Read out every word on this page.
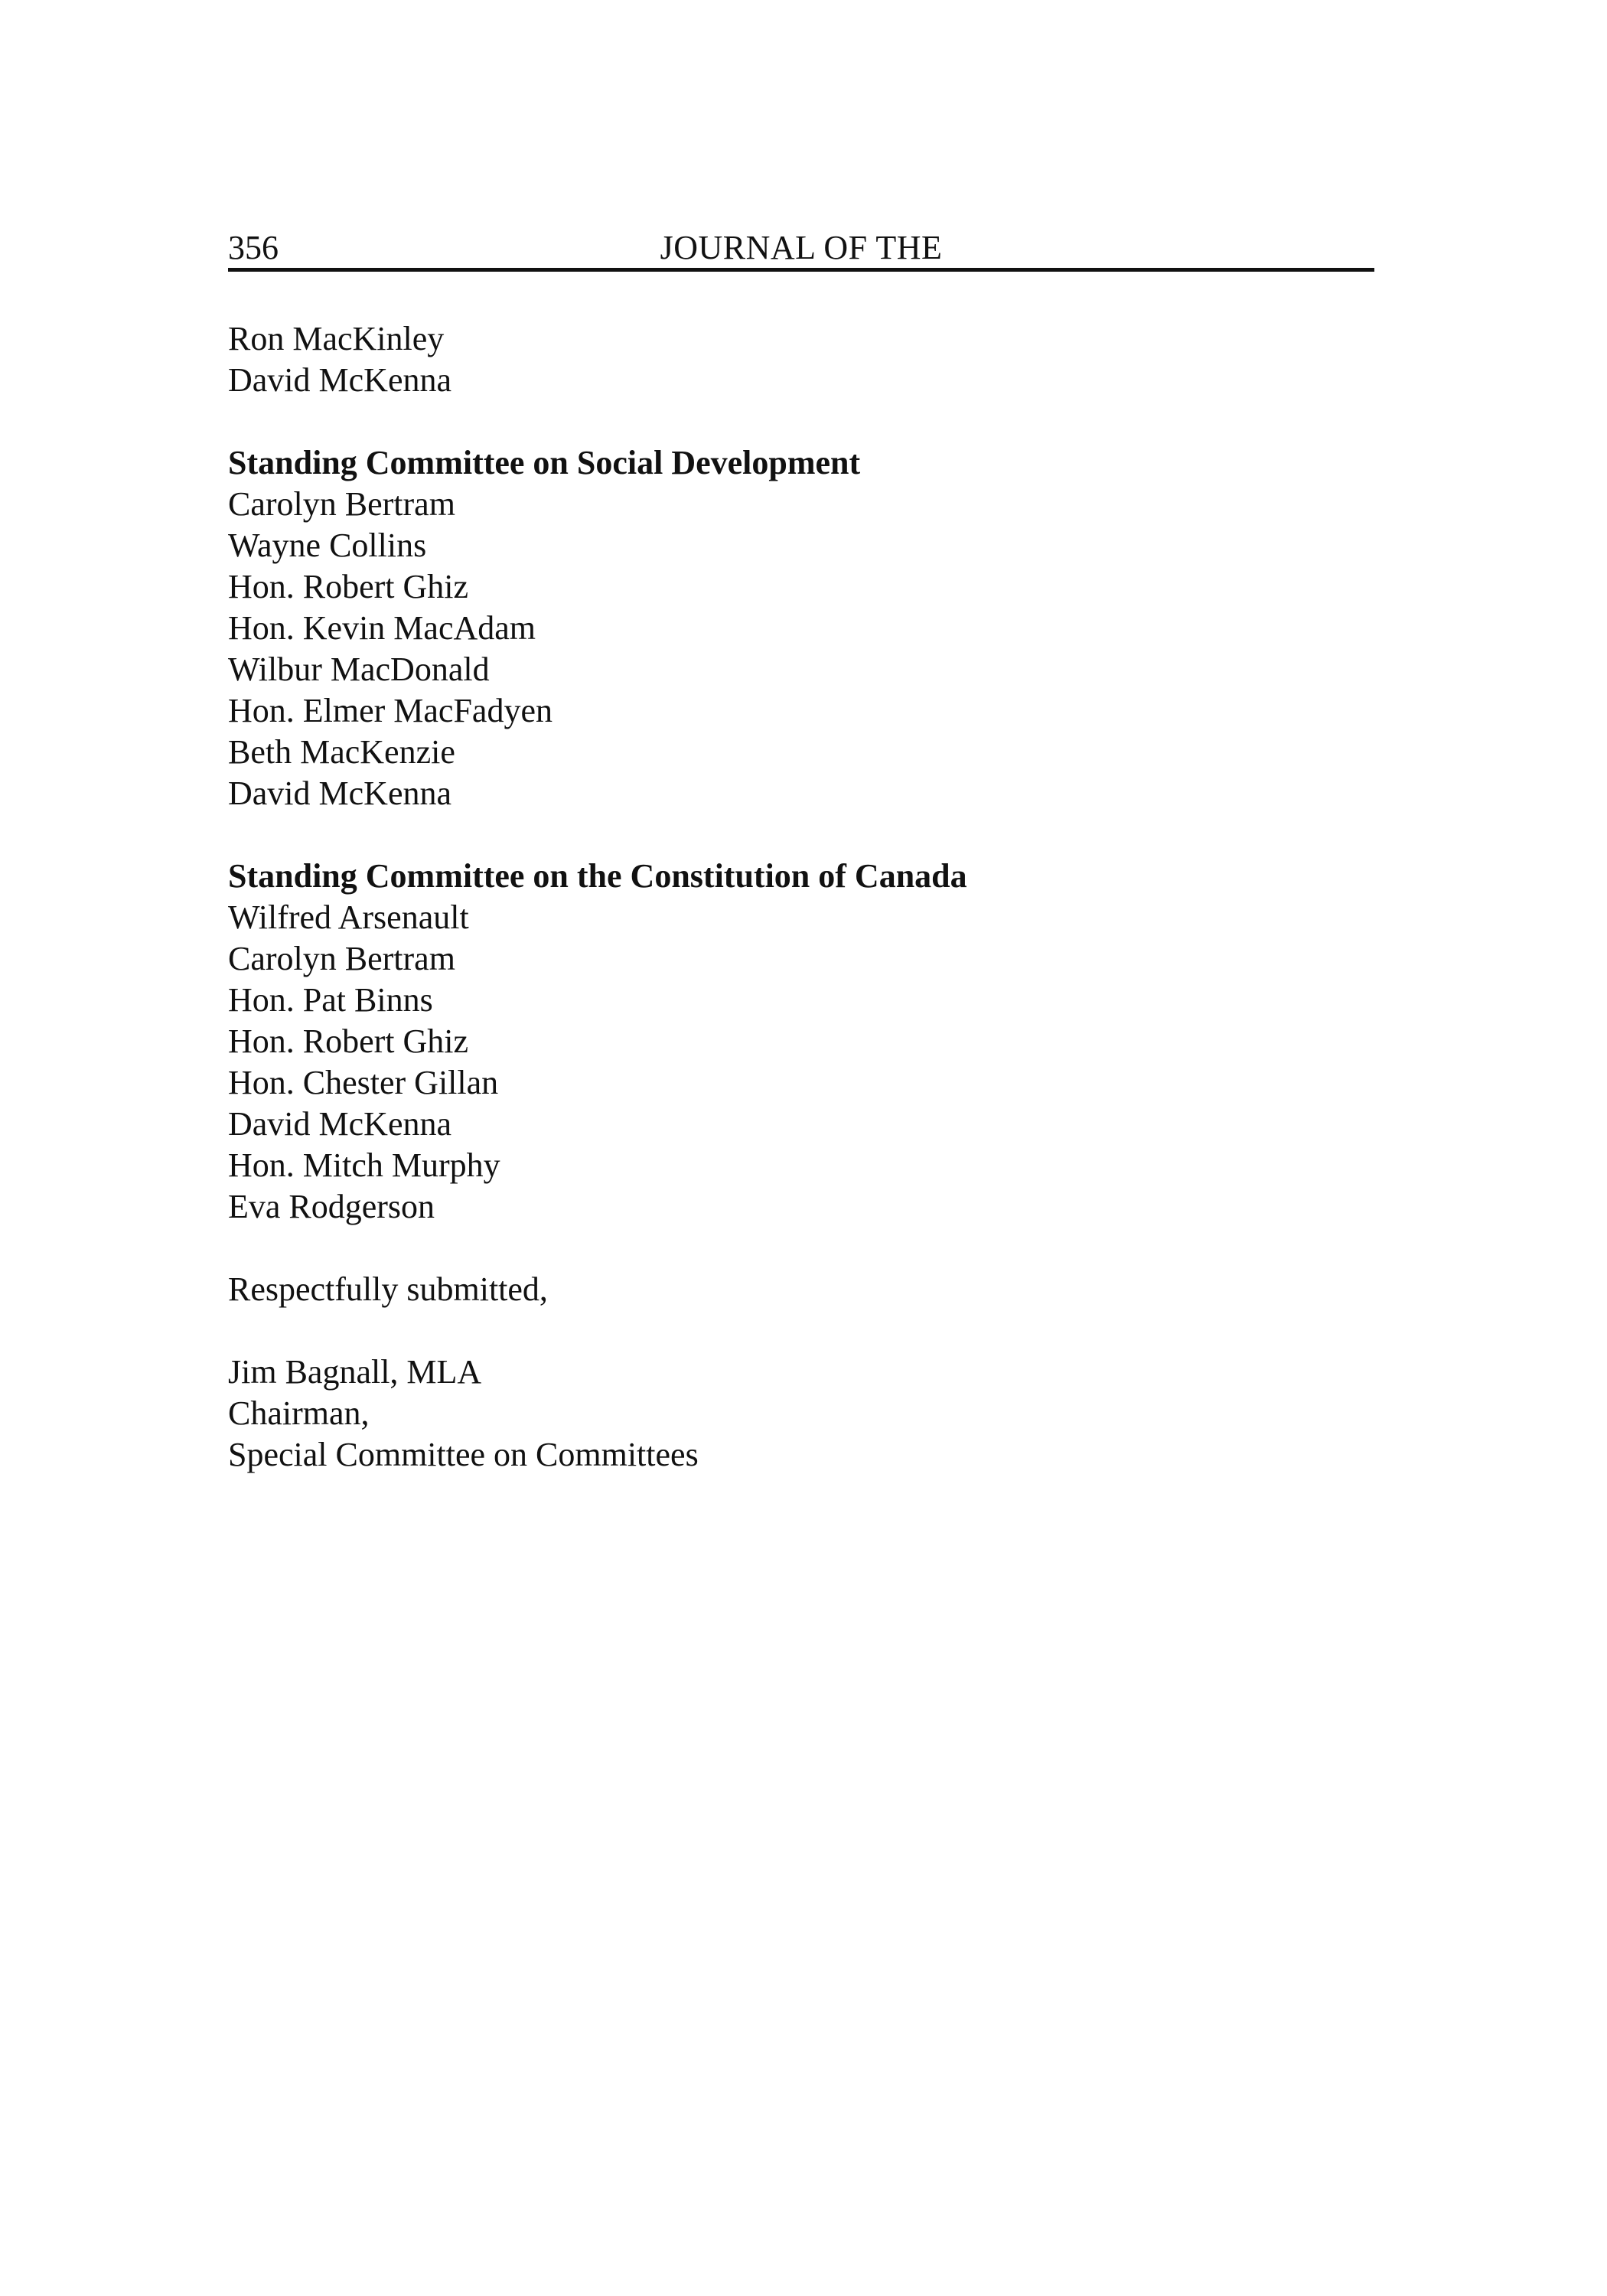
356	JOURNAL OF THE
Ron MacKinley
David McKenna
Standing Committee on Social Development
Carolyn Bertram
Wayne Collins
Hon. Robert Ghiz
Hon. Kevin MacAdam
Wilbur MacDonald
Hon. Elmer MacFadyen
Beth MacKenzie
David McKenna
Standing Committee on the Constitution of Canada
Wilfred Arsenault
Carolyn Bertram
Hon. Pat Binns
Hon. Robert Ghiz
Hon. Chester Gillan
David McKenna
Hon. Mitch Murphy
Eva Rodgerson
Respectfully submitted,
Jim Bagnall, MLA
Chairman,
Special Committee on Committees
